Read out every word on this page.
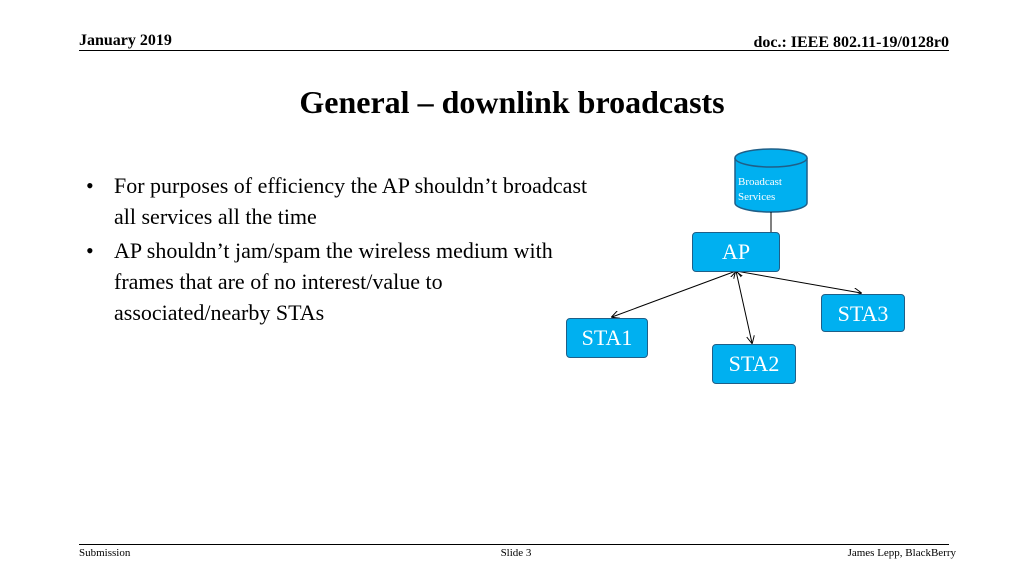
January 2019	doc.: IEEE 802.11-19/0128r0
General – downlink broadcasts
• For purposes of efficiency the AP shouldn’t broadcast all services all the time
• AP shouldn’t jam/spam the wireless medium with frames that are of no interest/value to associated/nearby STAs
Broadcast
Services
AP
STA1
STA2
STA3
Submission	Slide 3	James Lepp, BlackBerry
